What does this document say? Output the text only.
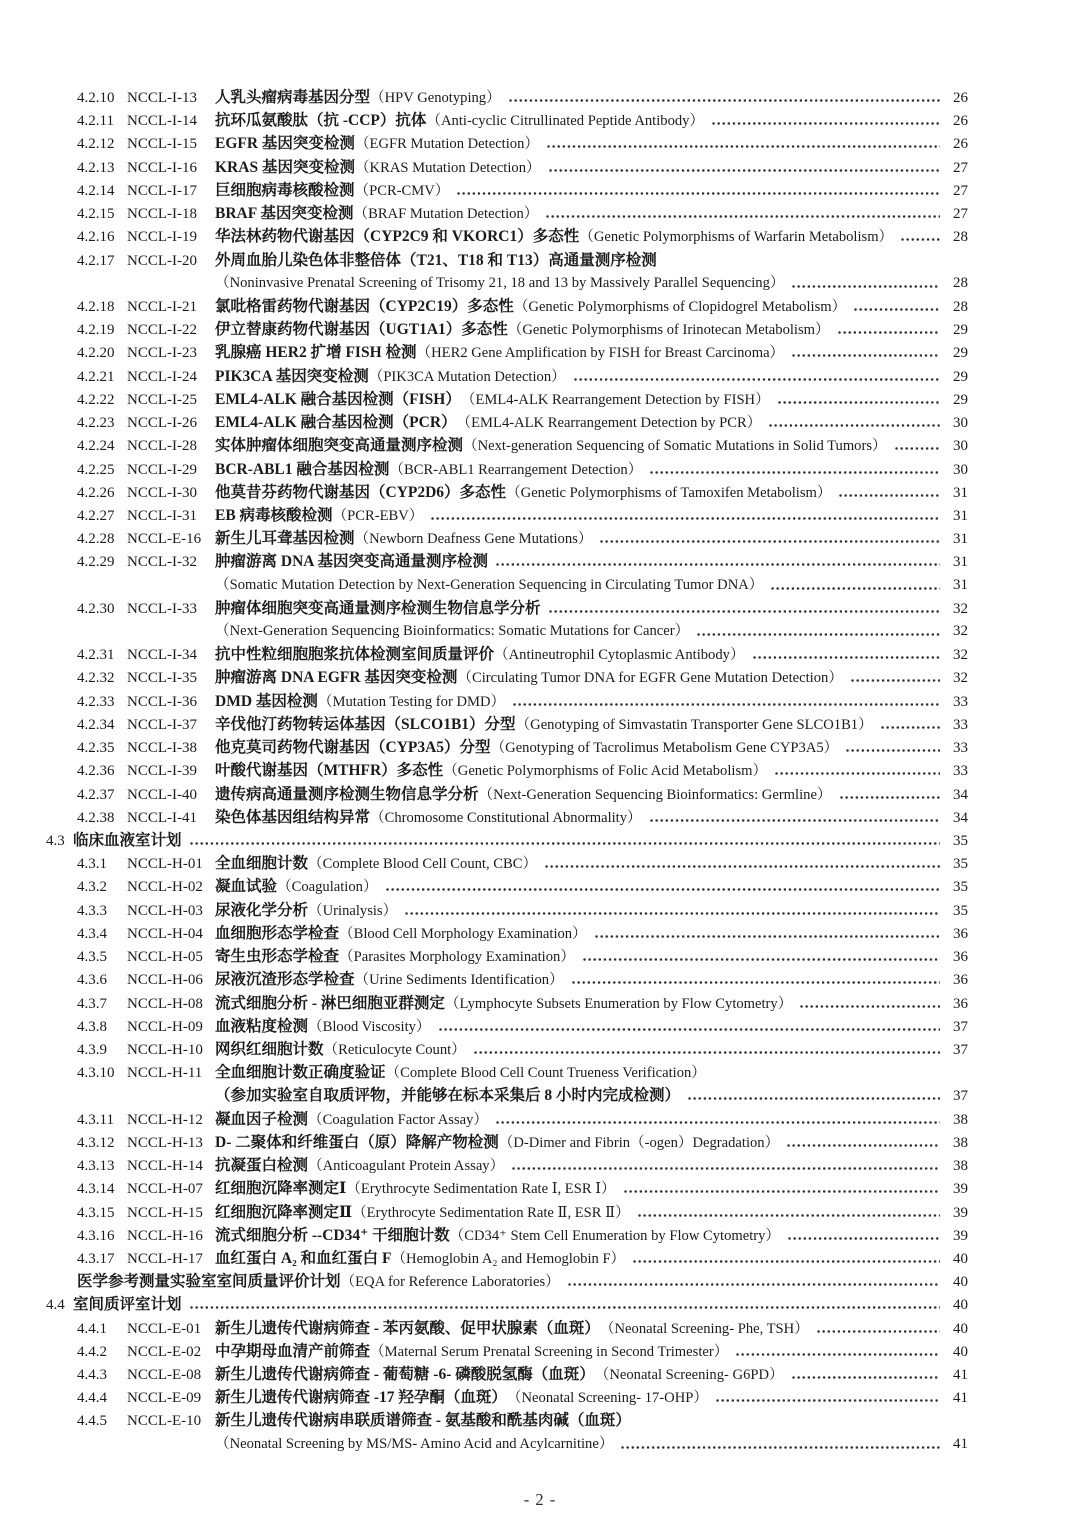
4.2.10 NCCL-I-13	人乳头瘤病毒基因分型 （HPV Genotyping）	26
4.2.11 NCCL-I-14	抗环瓜氨酸肽（抗 -CCP）抗体 （Anti-cyclic Citrullinated Peptide Antibody）	26
4.2.12 NCCL-I-15	EGFR 基因突变检测 （EGFR Mutation Detection）	26
4.2.13 NCCL-I-16	KRAS 基因突变检测 （KRAS Mutation Detection）	27
4.2.14 NCCL-I-17	巨细胞病毒核酸检测 （PCR-CMV）	27
4.2.15 NCCL-I-18	BRAF 基因突变检测 （BRAF Mutation Detection）	27
4.2.16 NCCL-I-19	华法林药物代谢基因（CYP2C9 和 VKORC1）多态性 （Genetic Polymorphisms of Warfarin Metabolism）	28
4.2.17 NCCL-I-20	外周血胎儿染色体非整倍体（T21、T18 和 T13）高通量测序检测
（Noninvasive Prenatal Screening of Trisomy 21, 18 and 13 by Massively Parallel Sequencing）	28
4.2.18 NCCL-I-21	氯吡格雷药物代谢基因（CYP2C19）多态性 （Genetic Polymorphisms of Clopidogrel Metabolism）	28
4.2.19 NCCL-I-22	伊立替康药物代谢基因（UGT1A1）多态性 （Genetic Polymorphisms of Irinotecan Metabolism）	29
4.2.20 NCCL-I-23	乳腺癌 HER2 扩增 FISH 检测 （HER2 Gene Amplification by FISH for Breast Carcinoma）	29
4.2.21 NCCL-I-24	PIK3CA 基因突变检测 （PIK3CA Mutation Detection）	29
4.2.22 NCCL-I-25	EML4-ALK 融合基因检测（FISH） （EML4-ALK Rearrangement Detection by FISH）	29
4.2.23 NCCL-I-26	EML4-ALK 融合基因检测（PCR） （EML4-ALK Rearrangement Detection by PCR）	30
4.2.24 NCCL-I-28	实体肿瘤体细胞突变高通量测序检测 （Next-generation Sequencing of Somatic Mutations in Solid Tumors）	30
4.2.25 NCCL-I-29	BCR-ABL1 融合基因检测 （BCR-ABL1 Rearrangement Detection）	30
4.2.26 NCCL-I-30	他莫昔芬药物代谢基因（CYP2D6）多态性 （Genetic Polymorphisms of Tamoxifen Metabolism）	31
4.2.27 NCCL-I-31	EB 病毒核酸检测 （PCR-EBV）	31
4.2.28 NCCL-E-16 新生儿耳聋基因检测 （Newborn Deafness Gene Mutations）	31
4.2.29 NCCL-I-32	肿瘤游离 DNA 基因突变高通量测序检测	31
（Somatic Mutation Detection by Next-Generation Sequencing in Circulating Tumor DNA）	31
4.2.30 NCCL-I-33	肿瘤体细胞突变高通量测序检测生物信息学分析	32
（Next-Generation Sequencing Bioinformatics: Somatic Mutations for Cancer）	32
4.2.31 NCCL-I-34	抗中性粒细胞胞浆抗体检测室间质量评价 （Antineutrophil Cytoplasmic Antibody）	32
4.2.32 NCCL-I-35	肿瘤游离 DNA EGFR 基因突变检测 （Circulating Tumor DNA for EGFR Gene Mutation Detection）	32
4.2.33 NCCL-I-36	DMD 基因检测 （Mutation Testing for DMD）	33
4.2.34 NCCL-I-37	辛伐他汀药物转运体基因（SLCO1B1）分型 （Genotyping of Simvastatin Transporter Gene SLCO1B1）	33
4.2.35 NCCL-I-38	他克莫司药物代谢基因（CYP3A5）分型 （Genotyping of Tacrolimus Metabolism Gene CYP3A5）	33
4.2.36 NCCL-I-39	叶酸代谢基因（MTHFR）多态性 （Genetic Polymorphisms of Folic Acid Metabolism）	33
4.2.37 NCCL-I-40	遗传病高通量测序检测生物信息学分析 （Next-Generation Sequencing Bioinformatics: Germline）	34
4.2.38 NCCL-I-41	染色体基因组结构异常 （Chromosome Constitutional Abnormality）	34
4.3 临床血液室计划	35
4.3.1	NCCL-H-01 全血细胞计数 （Complete Blood Cell Count, CBC）	35
4.3.2	NCCL-H-02 凝血试验 （Coagulation）	35
4.3.3	NCCL-H-03 尿液化学分析 （Urinalysis）	35
4.3.4	NCCL-H-04 血细胞形态学检查 （Blood Cell Morphology Examination）	36
4.3.5	NCCL-H-05 寄生虫形态学检查 （Parasites Morphology Examination）	36
4.3.6	NCCL-H-06 尿液沉渣形态学检查 （Urine Sediments Identification）	36
4.3.7	NCCL-H-08 流式细胞分析 - 淋巴细胞亚群测定 （Lymphocyte Subsets Enumeration by Flow Cytometry）	36
4.3.8	NCCL-H-09 血液粘度检测 （Blood Viscosity）	37
4.3.9	NCCL-H-10 网织红细胞计数 （Reticulocyte Count）	37
4.3.10 NCCL-H-11 全血细胞计数正确度验证 （Complete Blood Cell Count Trueness Verification）
（参加实验室自取质评物，并能够在标本采集后 8 小时内完成检测）	37
4.3.11 NCCL-H-12 凝血因子检测 （Coagulation Factor Assay）	38
4.3.12 NCCL-H-13 D- 二聚体和纤维蛋白（原）降解产物检测 （D-Dimer and Fibrin（-ogen）Degradation）	38
4.3.13 NCCL-H-14 抗凝蛋白检测 （Anticoagulant Protein Assay）	38
4.3.14 NCCL-H-07 红细胞沉降率测定Ⅰ （Erythrocyte Sedimentation Rate Ⅰ, ESR Ⅰ）	39
4.3.15 NCCL-H-15 红细胞沉降率测定Ⅱ （Erythrocyte Sedimentation Rate Ⅱ, ESR Ⅱ）	39
4.3.16 NCCL-H-16 流式细胞分析 --CD34⁺ 干细胞计数 （CD34⁺ Stem Cell Enumeration by Flow Cytometry）	39
4.3.17 NCCL-H-17 血红蛋白 A₂ 和血红蛋白 F （Hemoglobin A₂ and Hemoglobin F）	40
医学参考测量实验室室间质量评价计划 （EQA for Reference Laboratories）	40
4.4 室间质评室计划	40
4.4.1	NCCL-E-01 新生儿遗传代谢病筛查 - 苯丙氨酸、促甲状腺素（血斑） （Neonatal Screening- Phe, TSH）	40
4.4.2	NCCL-E-02 中孕期母血清产前筛查 （Maternal Serum Prenatal Screening in Second Trimester）	40
4.4.3	NCCL-E-08 新生儿遗传代谢病筛查 - 葡萄糖 -6- 磷酸脱氢酶（血斑） （Neonatal Screening- G6PD）	41
4.4.4	NCCL-E-09 新生儿遗传代谢病筛查 -17 羟孕酮（血斑） （Neonatal Screening- 17-OHP）	41
4.4.5	NCCL-E-10 新生儿遗传代谢病串联质谱筛查 - 氨基酸和酰基肉碱（血斑）
（Neonatal Screening by MS/MS- Amino Acid and Acylcarnitine）	41
- 2 -
